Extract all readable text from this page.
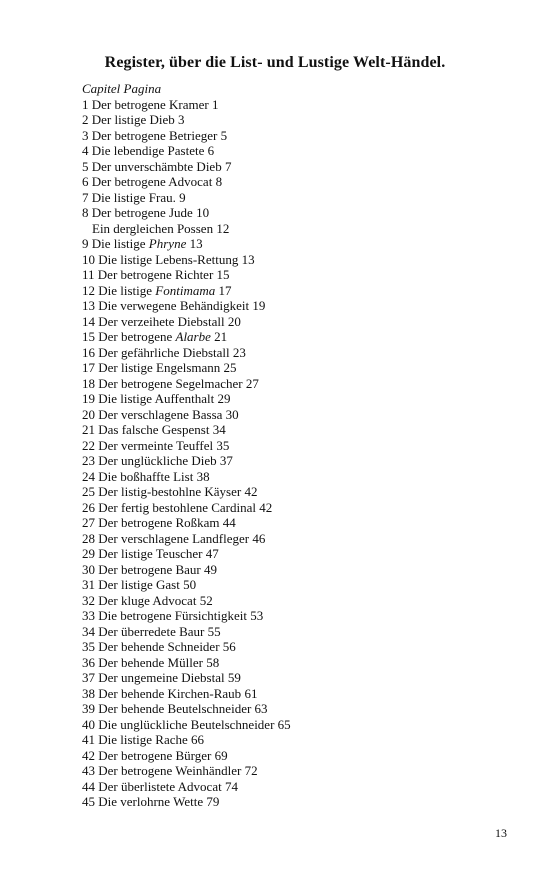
Register, über die List- und Lustige Welt-Händel.
Capitel Pagina
1 Der betrogene Kramer 1
2 Der listige Dieb 3
3 Der betrogene Betrieger 5
4 Die lebendige Pastete 6
5 Der unverschämbte Dieb 7
6 Der betrogene Advocat 8
7 Die listige Frau. 9
8 Der betrogene Jude 10
Ein dergleichen Possen 12
9 Die listige Phryne 13
10 Die listige Lebens-Rettung 13
11 Der betrogene Richter 15
12 Die listige Fontimama 17
13 Die verwegene Behändigkeit 19
14 Der verzeihete Diebstall 20
15 Der betrogene Alarbe 21
16 Der gefährliche Diebstall 23
17 Der listige Engelsmann 25
18 Der betrogene Segelmacher 27
19 Die listige Auffenthalt 29
20 Der verschlagene Bassa 30
21 Das falsche Gespenst 34
22 Der vermeinte Teuffel 35
23 Der unglückliche Dieb 37
24 Die boßhaffte List 38
25 Der listig-bestohlne Käyser 42
26 Der fertig bestohlene Cardinal 42
27 Der betrogene Roßkam 44
28 Der verschlagene Landfleger 46
29 Der listige Teuscher 47
30 Der betrogene Baur 49
31 Der listige Gast 50
32 Der kluge Advocat 52
33 Die betrogene Fürsichtigkeit 53
34 Der überredete Baur 55
35 Der behende Schneider 56
36 Der behende Müller 58
37 Der ungemeine Diebstal 59
38 Der behende Kirchen-Raub 61
39 Der behende Beutelschneider 63
40 Die unglückliche Beutelschneider 65
41 Die listige Rache 66
42 Der betrogene Bürger 69
43 Der betrogene Weinhändler 72
44 Der überlistete Advocat 74
45 Die verlohrne Wette 79
13
